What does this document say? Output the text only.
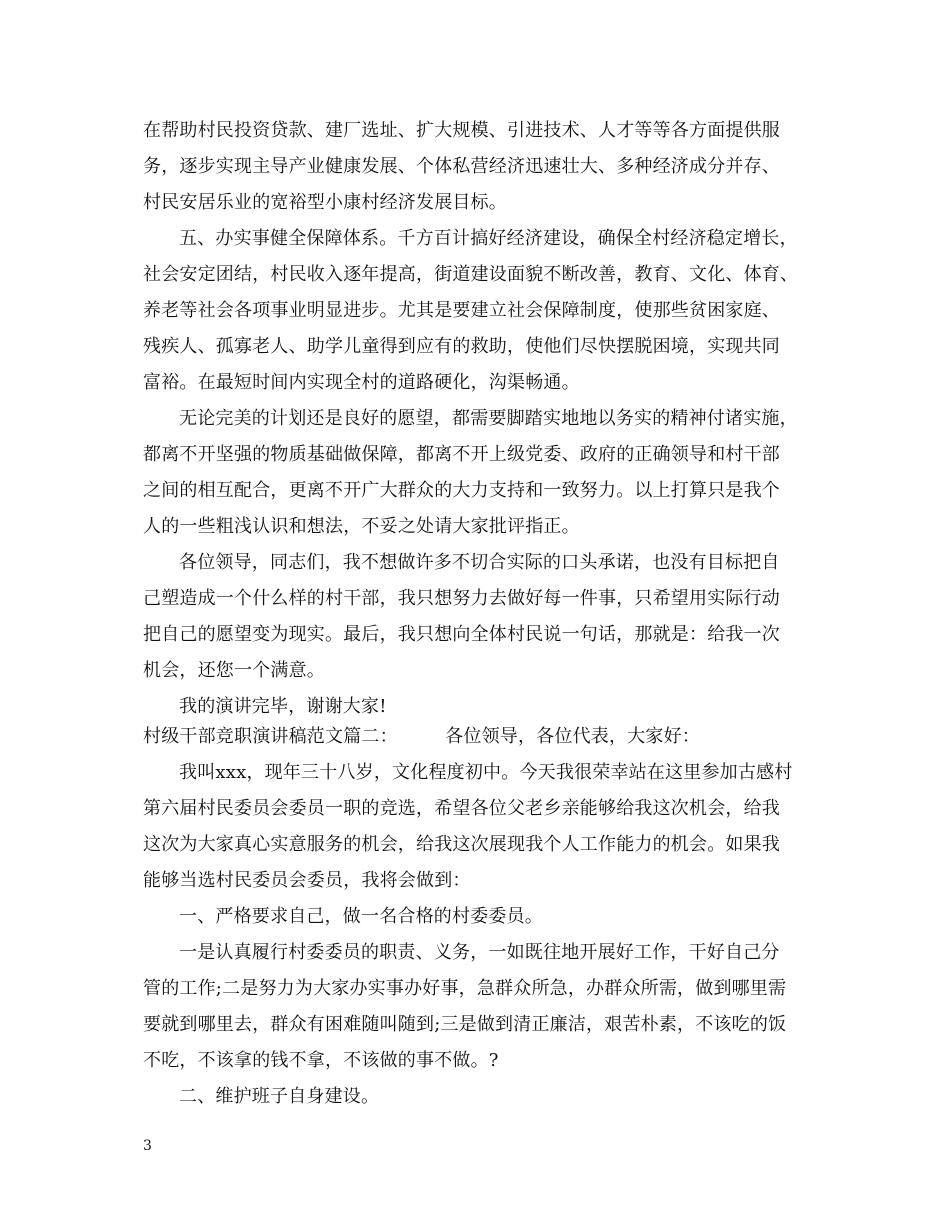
在帮助村民投资贷款、建厂选址、扩大规模、引进技术、人才等等各方面提供服
务，逐步实现主导产业健康发展、个体私营经济迅速壮大、多种经济成分并存、
村民安居乐业的宽裕型小康村经济发展目标。
五、办实事健全保障体系。千方百计搞好经济建设，确保全村经济稳定增长，
社会安定团结，村民收入逐年提高，街道建设面貌不断改善，教育、文化、体育、
养老等社会各项事业明显进步。尤其是要建立社会保障制度，使那些贫困家庭、
残疾人、孤寡老人、助学儿童得到应有的救助，使他们尽快摆脱困境，实现共同
富裕。在最短时间内实现全村的道路硬化，沟渠畅通。
无论完美的计划还是良好的愿望，都需要脚踏实地地以务实的精神付诸实施，
都离不开坚强的物质基础做保障，都离不开上级党委、政府的正确领导和村干部
之间的相互配合，更离不开广大群众的大力支持和一致努力。以上打算只是我个
人的一些粗浅认识和想法，不妥之处请大家批评指正。
各位领导，同志们，我不想做许多不切合实际的口头承诺，也没有目标把自
己塑造成一个什么样的村干部，我只想努力去做好每一件事，只希望用实际行动
把自己的愿望变为现实。最后，我只想向全体村民说一句话，那就是：给我一次
机会，还您一个满意。
我的演讲完毕，谢谢大家!
村级干部竞职演讲稿范文篇二：        各位领导，各位代表，大家好：
我叫xxx，现年三十八岁，文化程度初中。今天我很荣幸站在这里参加古感村
第六届村民委员会委员一职的竞选，希望各位父老乡亲能够给我这次机会，给我
这次为大家真心实意服务的机会，给我这次展现我个人工作能力的机会。如果我
能够当选村民委员会委员，我将会做到：
一、严格要求自己，做一名合格的村委委员。
一是认真履行村委委员的职责、义务，一如既往地开展好工作，干好自己分
管的工作;二是努力为大家办实事办好事，急群众所急，办群众所需，做到哪里需
要就到哪里去，群众有困难随叫随到;三是做到清正廉洁，艰苦朴素，不该吃的饭
不吃，不该拿的钱不拿，不该做的事不做。?
二、维护班子自身建设。
3
